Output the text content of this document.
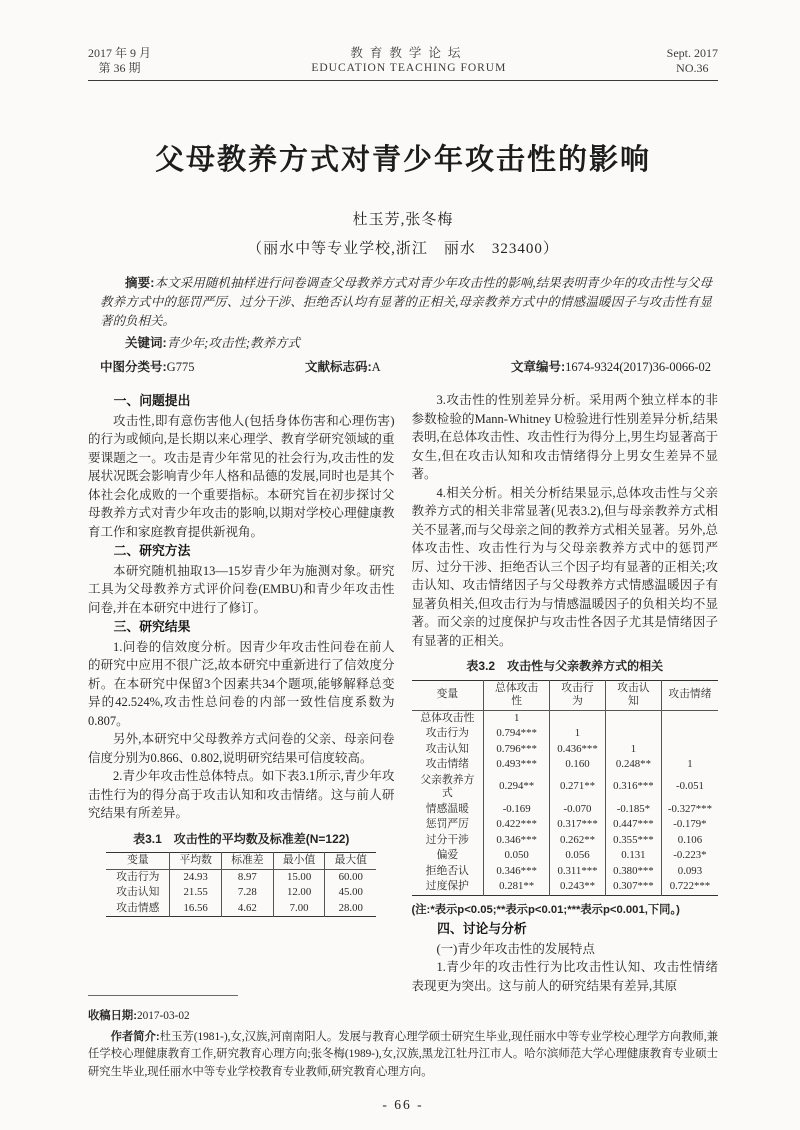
2017 年 9 月
第 36 期
教育教学论坛
EDUCATION TEACHING FORUM
Sept. 2017
NO.36
父母教养方式对青少年攻击性的影响
杜玉芳,张冬梅
（丽水中等专业学校,浙江　丽水　323400）
摘要:本文采用随机抽样进行问卷调查父母教养方式对青少年攻击性的影响,结果表明青少年的攻击性与父母教养方式中的惩罚严厉、过分干涉、拒绝否认均有显著的正相关,母亲教养方式中的情感温暖因子与攻击性有显著的负相关。
关键词:青少年;攻击性;教养方式
中图分类号:G775	文献标志码:A	文章编号:1674-9324(2017)36-0066-02
一、问题提出

攻击性,即有意伤害他人(包括身体伤害和心理伤害)的行为或倾向,是长期以来心理学、教育学研究领域的重要课题之一。攻击是青少年常见的社会行为,攻击性的发展状况既会影响青少年人格和品德的发展,同时也是其个体社会化成败的一个重要指标。本研究旨在初步探讨父母教养方式对青少年攻击的影响,以期对学校心理健康教育工作和家庭教育提供新视角。

二、研究方法

本研究随机抽取13—15岁青少年为施测对象。研究工具为父母教养方式评价问卷(EMBU)和青少年攻击性问卷,并在本研究中进行了修订。

三、研究结果

1.问卷的信效度分析。因青少年攻击性问卷在前人的研究中应用不很广泛,故本研究中重新进行了信效度分析。在本研究中保留3个因素共34个题项,能够解释总变异的42.524%,攻击性总问卷的内部一致性信度系数为0.807。

另外,本研究中父母教养方式问卷的父亲、母亲问卷信度分别为0.866、0.802,说明研究结果可信度较高。

2.青少年攻击性总体特点。如下表3.1所示,青少年攻击性行为的得分高于攻击认知和攻击情绪。这与前人研究结果有所差异。

表3.1　攻击性的平均数及标准差(N=122)
变量	平均数	标准差	最小值	最大值
攻击行为	24.93	8.97	15.00	60.00
攻击认知	21.55	7.28	12.00	45.00
攻击情感	16.56	4.62	7.00	28.00

3.攻击性的性别差异分析。采用两个独立样本的非参数检验的Mann-Whitney U检验进行性别差异分析,结果表明,在总体攻击性、攻击性行为得分上,男生均显著高于女生,但在攻击认知和攻击情绪得分上男女生差异不显著。

4.相关分析。相关分析结果显示,总体攻击性与父亲教养方式的相关非常显著(见表3.2),但与母亲教养方式相关不显著,而与父母亲之间的教养方式相关显著。另外,总体攻击性、攻击性行为与父母亲教养方式中的惩罚严厉、过分干涉、拒绝否认三个因子均有显著的正相关;攻击认知、攻击情绪因子与父母教养方式情感温暖因子有显著负相关,但攻击行为与情感温暖因子的负相关均不显著。而父亲的过度保护与攻击性各因子尤其是情绪因子有显著的正相关。

表3.2　攻击性与父亲教养方式的相关
变量	总体攻击性	攻击行为	攻击认知	攻击情绪
总体攻击性	1			
攻击行为	0.794***	1		
攻击认知	0.796***	0.436***	1	
攻击情绪	0.493***	0.160	0.248**	1
父亲教养方式	0.294**	0.271**	0.316***	-0.051
情感温暖	-0.169	-0.070	-0.185*	-0.327***
惩罚严厉	0.422***	0.317***	0.447***	-0.179*
过分干涉	0.346***	0.262**	0.355***	0.106
偏爱	0.050	0.056	0.131	-0.223*
拒绝否认	0.346***	0.311***	0.380***	0.093
过度保护	0.281**	0.243**	0.307***	0.722***
(注:*表示p<0.05;**表示p<0.01;***表示p<0.001,下同。)
四、讨论与分析

(一)青少年攻击性的发展特点

1.青少年的攻击性行为比攻击性认知、攻击性情绪表现更为突出。这与前人的研究结果有差异,其原

收稿日期:2017-03-02
作者简介:杜玉芳(1981-),女,汉族,河南南阳人。发展与教育心理学硕士研究生毕业,现任丽水中等专业学校心理学方向教师,兼任学校心理健康教育工作,研究教育心理方向;张冬梅(1989-),女,汉族,黑龙江牡丹江市人。哈尔滨师范大学心理健康教育专业硕士研究生毕业,现任丽水中等专业学校教育专业教师,研究教育心理方向。
- 66 -
